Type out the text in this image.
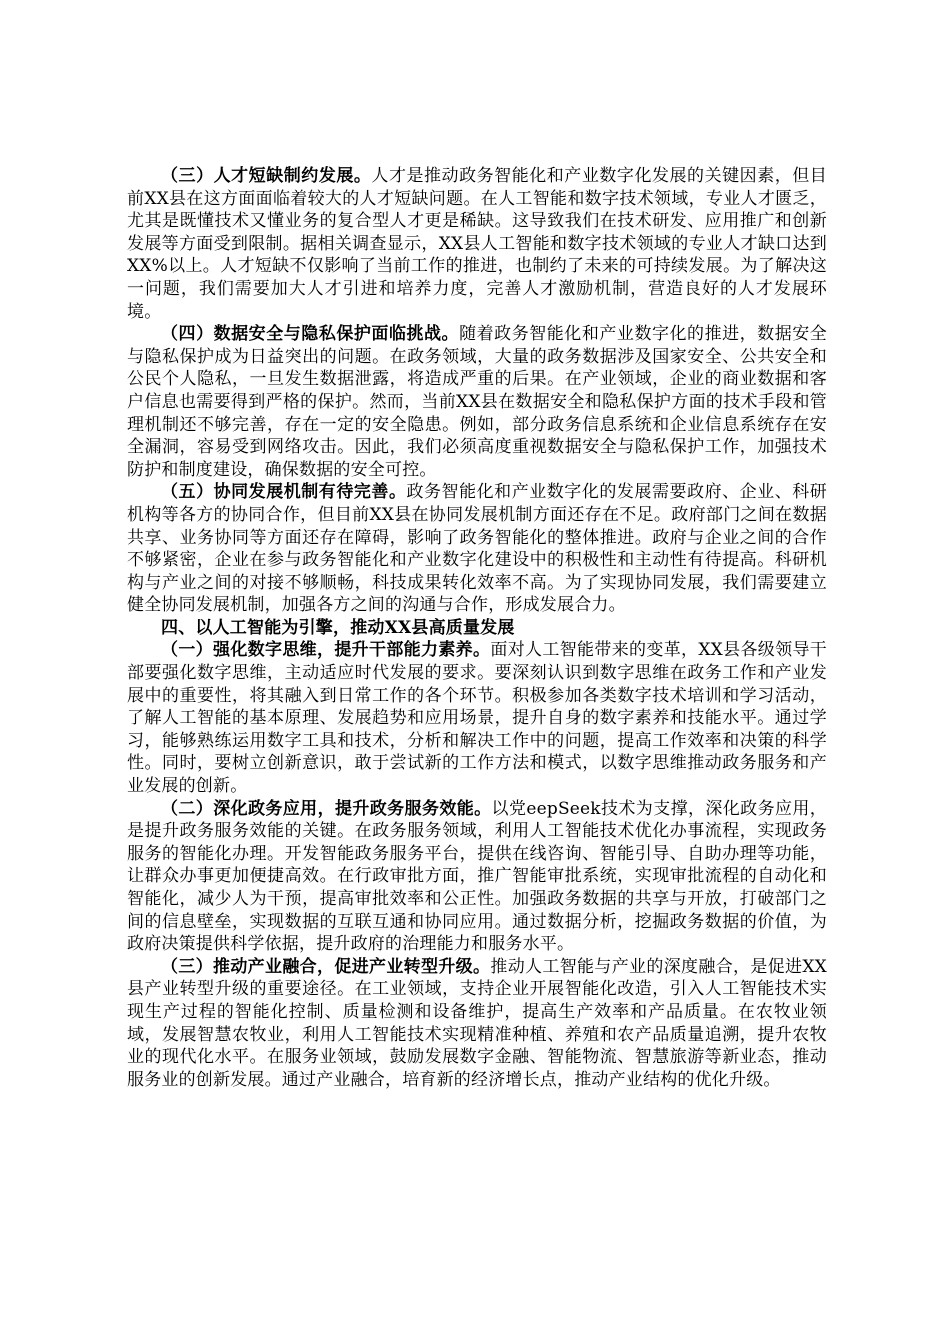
（三）人才短缺制约发展。人才是推动政务智能化和产业数字化发展的关键因素，但目前XX县在这方面面临着较大的人才短缺问题。在人工智能和数字技术领域，专业人才匮乏，尤其是既懂技术又懂业务的复合型人才更是稀缺。这导致我们在技术研发、应用推广和创新发展等方面受到限制。据相关调查显示，XX县人工智能和数字技术领域的专业人才缺口达到XX%以上。人才短缺不仅影响了当前工作的推进，也制约了未来的可持续发展。为了解决这一问题，我们需要加大人才引进和培养力度，完善人才激励机制，营造良好的人才发展环境。

（四）数据安全与隐私保护面临挑战。随着政务智能化和产业数字化的推进，数据安全与隐私保护成为日益突出的问题。在政务领域，大量的政务数据涉及国家安全、公共安全和公民个人隐私，一旦发生数据泄露，将造成严重的后果。在产业领域，企业的商业数据和客户信息也需要得到严格的保护。然而，当前XX县在数据安全和隐私保护方面的技术手段和管理机制还不够完善，存在一定的安全隐患。例如，部分政务信息系统和企业信息系统存在安全漏洞，容易受到网络攻击。因此，我们必须高度重视数据安全与隐私保护工作，加强技术防护和制度建设，确保数据的安全可控。

（五）协同发展机制有待完善。政务智能化和产业数字化的发展需要政府、企业、科研机构等各方的协同合作，但目前XX县在协同发展机制方面还存在不足。政府部门之间在数据共享、业务协同等方面还存在障碍，影响了政务智能化的整体推进。政府与企业之间的合作不够紧密，企业在参与政务智能化和产业数字化建设中的积极性和主动性有待提高。科研机构与产业之间的对接不够顺畅，科技成果转化效率不高。为了实现协同发展，我们需要建立健全协同发展机制，加强各方之间的沟通与合作，形成发展合力。

四、以人工智能为引擎，推动XX县高质量发展

（一）强化数字思维，提升干部能力素养。面对人工智能带来的变革，XX县各级领导干部要强化数字思维，主动适应时代发展的要求。要深刻认识到数字思维在政务工作和产业发展中的重要性，将其融入到日常工作的各个环节。积极参加各类数字技术培训和学习活动，了解人工智能的基本原理、发展趋势和应用场景，提升自身的数字素养和技能水平。通过学习，能够熟练运用数字工具和技术，分析和解决工作中的问题，提高工作效率和决策的科学性。同时，要树立创新意识，敢于尝试新的工作方法和模式，以数字思维推动政务服务和产业发展的创新。

（二）深化政务应用，提升政务服务效能。以党eepSeek技术为支撑，深化政务应用，是提升政务服务效能的关键。在政务服务领域，利用人工智能技术优化办事流程，实现政务服务的智能化办理。开发智能政务服务平台，提供在线咨询、智能引导、自助办理等功能，让群众办事更加便捷高效。在行政审批方面，推广智能审批系统，实现审批流程的自动化和智能化，减少人为干预，提高审批效率和公正性。加强政务数据的共享与开放，打破部门之间的信息壁垒，实现数据的互联互通和协同应用。通过数据分析，挖掘政务数据的价值，为政府决策提供科学依据，提升政府的治理能力和服务水平。

（三）推动产业融合，促进产业转型升级。推动人工智能与产业的深度融合，是促进XX县产业转型升级的重要途径。在工业领域，支持企业开展智能化改造，引入人工智能技术实现生产过程的智能化控制、质量检测和设备维护，提高生产效率和产品质量。在农牧业领域，发展智慧农牧业，利用人工智能技术实现精准种植、养殖和农产品质量追溯，提升农牧业的现代化水平。在服务业领域，鼓励发展数字金融、智能物流、智慧旅游等新业态，推动服务业的创新发展。通过产业融合，培育新的经济增长点，推动产业结构的优化升级。
